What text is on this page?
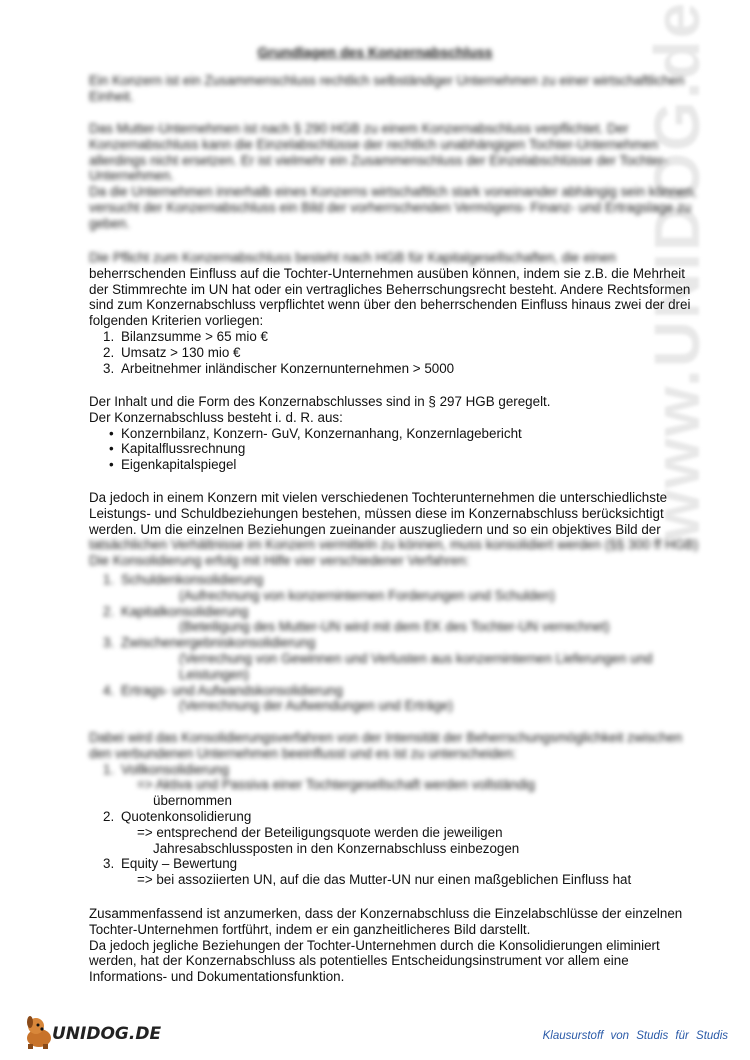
www.UNIDOG.de
Grundlagen des Konzernabschluss
Ein Konzern ist ein Zusammenschluss rechtlich selbständiger Unternehmen zu einer wirtschaftlichen
Einheit.
Das Mutter-Unternehmen ist nach § 290 HGB zu einem Konzernabschluss verpflichtet. Der
Konzernabschluss kann die Einzelabschlüsse der rechtlich unabhängigen Tochter-Unternehmen
allerdings nicht ersetzen. Er ist vielmehr ein Zusammenschluss der Einzelabschlüsse der Tochter-
Unternehmen.
Da die Unternehmen innerhalb eines Konzerns wirtschaftlich stark voneinander abhängig sein können,
versucht der Konzernabschluss ein Bild der vorherrschenden Vermögens- Finanz- und Ertragslage zu
geben.
Die Pflicht zum Konzernabschluss besteht nach HGB für Kapitalgesellschaften, die einen
beherrschenden Einfluss auf die Tochter-Unternehmen ausüben können, indem sie z.B. die Mehrheit
der Stimmrechte im UN hat oder ein vertragliches Beherrschungsrecht besteht. Andere Rechtsformen
sind zum Konzernabschluss verpflichtet wenn über den beherrschenden Einfluss hinaus zwei der drei
folgenden Kriterien vorliegen:
1. Bilanzsumme > 65 mio €
2. Umsatz > 130 mio €
3. Arbeitnehmer inländischer Konzernunternehmen > 5000
Der Inhalt und die Form des Konzernabschlusses sind in § 297 HGB geregelt.
Der Konzernabschluss besteht i. d. R. aus:
• Konzernbilanz, Konzern- GuV, Konzernanhang, Konzernlagebericht
• Kapitalflussrechnung
• Eigenkapitalspiegel
Da jedoch in einem Konzern mit vielen verschiedenen Tochterunternehmen die unterschiedlichste
Leistungs- und Schuldbeziehungen bestehen, müssen diese im Konzernabschluss berücksichtigt
werden. Um die einzelnen Beziehungen zueinander auszugliedern und so ein objektives Bild der
tatsächlichen Verhältnisse im Konzern vermitteln zu können, muss konsolidiert werden (§§ 300 ff HGB)
Die Konsolidierung erfolg mit Hilfe vier verschiedener Verfahren:
1. Schuldenkonsolidierung
(Aufrechnung von konzerninternen Forderungen und Schulden)
2. Kapitalkonsolidierung
(Beteiligung des Mutter-UN wird mit dem EK des Tochter-UN verrechnet)
3. Zwischenergebniskonsolidierung
(Verrechung von Gewinnen und Verlusten aus konzerninternen Lieferungen und
Leistungen)
4. Ertrags- und Aufwandskonsolidierung
(Verrechnung der Aufwendungen und Erträge)
Dabei wird das Konsolidierungsverfahren von der Intensität der Beherrschungsmöglichkeit zwischen
den verbundenen Unternehmen beeinflusst und es ist zu unterscheiden:
1. Vollkonsolidierung
=> Aktiva und Passiva einer Tochtergesellschaft werden vollständig
übernommen
2. Quotenkonsolidierung
=> entsprechend der Beteiligungsquote werden die jeweiligen
Jahresabschlussposten in den Konzernabschluss einbezogen
3. Equity – Bewertung
=> bei assoziierten UN, auf die das Mutter-UN nur einen maßgeblichen Einfluss hat
Zusammenfassend ist anzumerken, dass der Konzernabschluss die Einzelabschlüsse der einzelnen
Tochter-Unternehmen fortführt, indem er ein ganzheitlicheres Bild darstellt.
Da jedoch jegliche Beziehungen der Tochter-Unternehmen durch die Konsolidierungen eliminiert
werden, hat der Konzernabschluss als potentielles Entscheidungsinstrument vor allem eine
Informations- und Dokumentationsfunktion.
UNIDOG.DE	Klausurstoff von Studis für Studis
